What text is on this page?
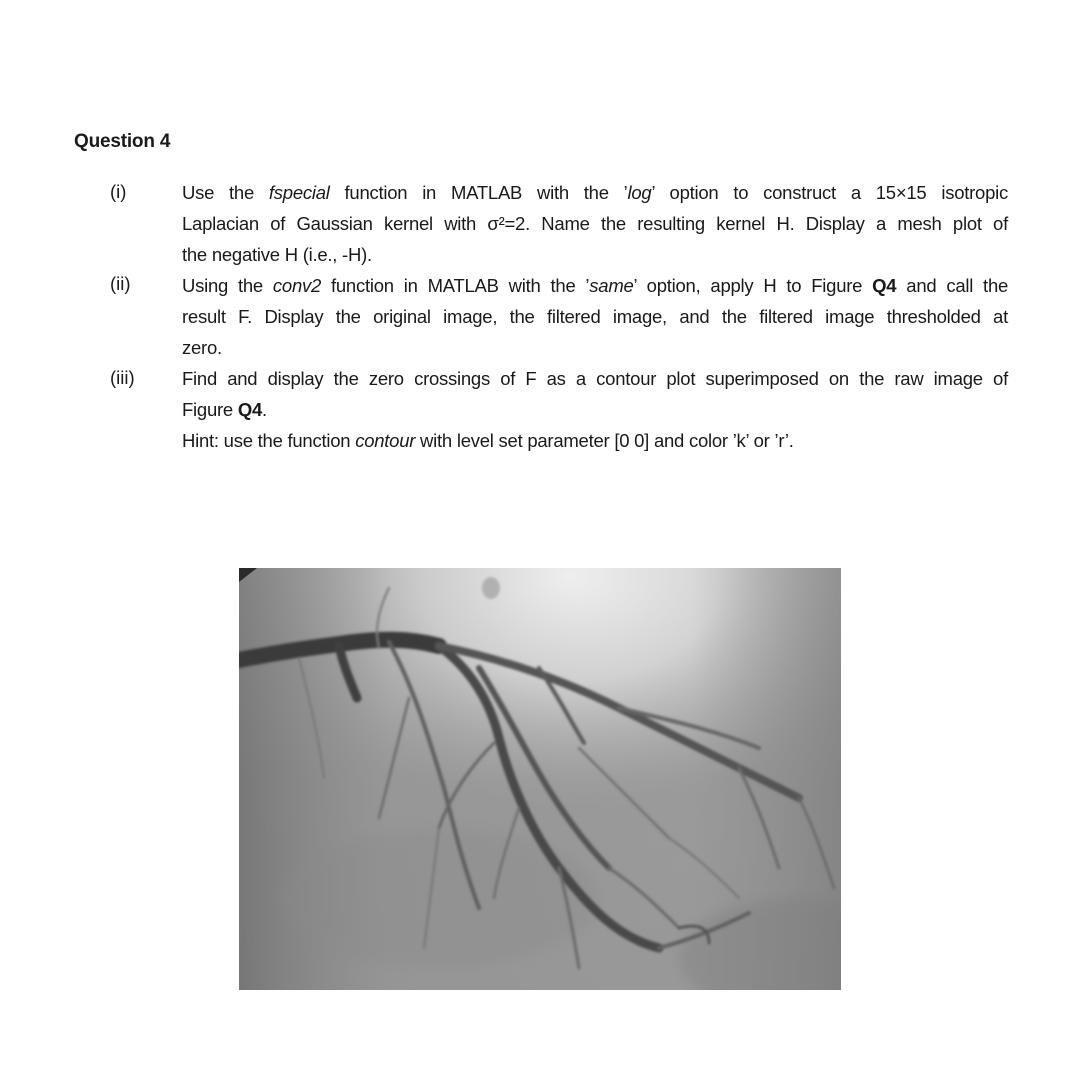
Question 4
(i)	Use the fspecial function in MATLAB with the ’log’ option to construct a 15×15 isotropic
Laplacian of Gaussian kernel with σ²=2. Name the resulting kernel H. Display a mesh plot of
the negative H (i.e., -H).
(ii)	Using the conv2 function in MATLAB with the ’same’ option, apply H to Figure Q4 and call the
result F. Display the original image, the filtered image, and the filtered image thresholded at
zero.
(iii)	Find and display the zero crossings of F as a contour plot superimposed on the raw image of
Figure Q4.
Hint: use the function contour with level set parameter [0 0] and color ’k’ or ’r’.
